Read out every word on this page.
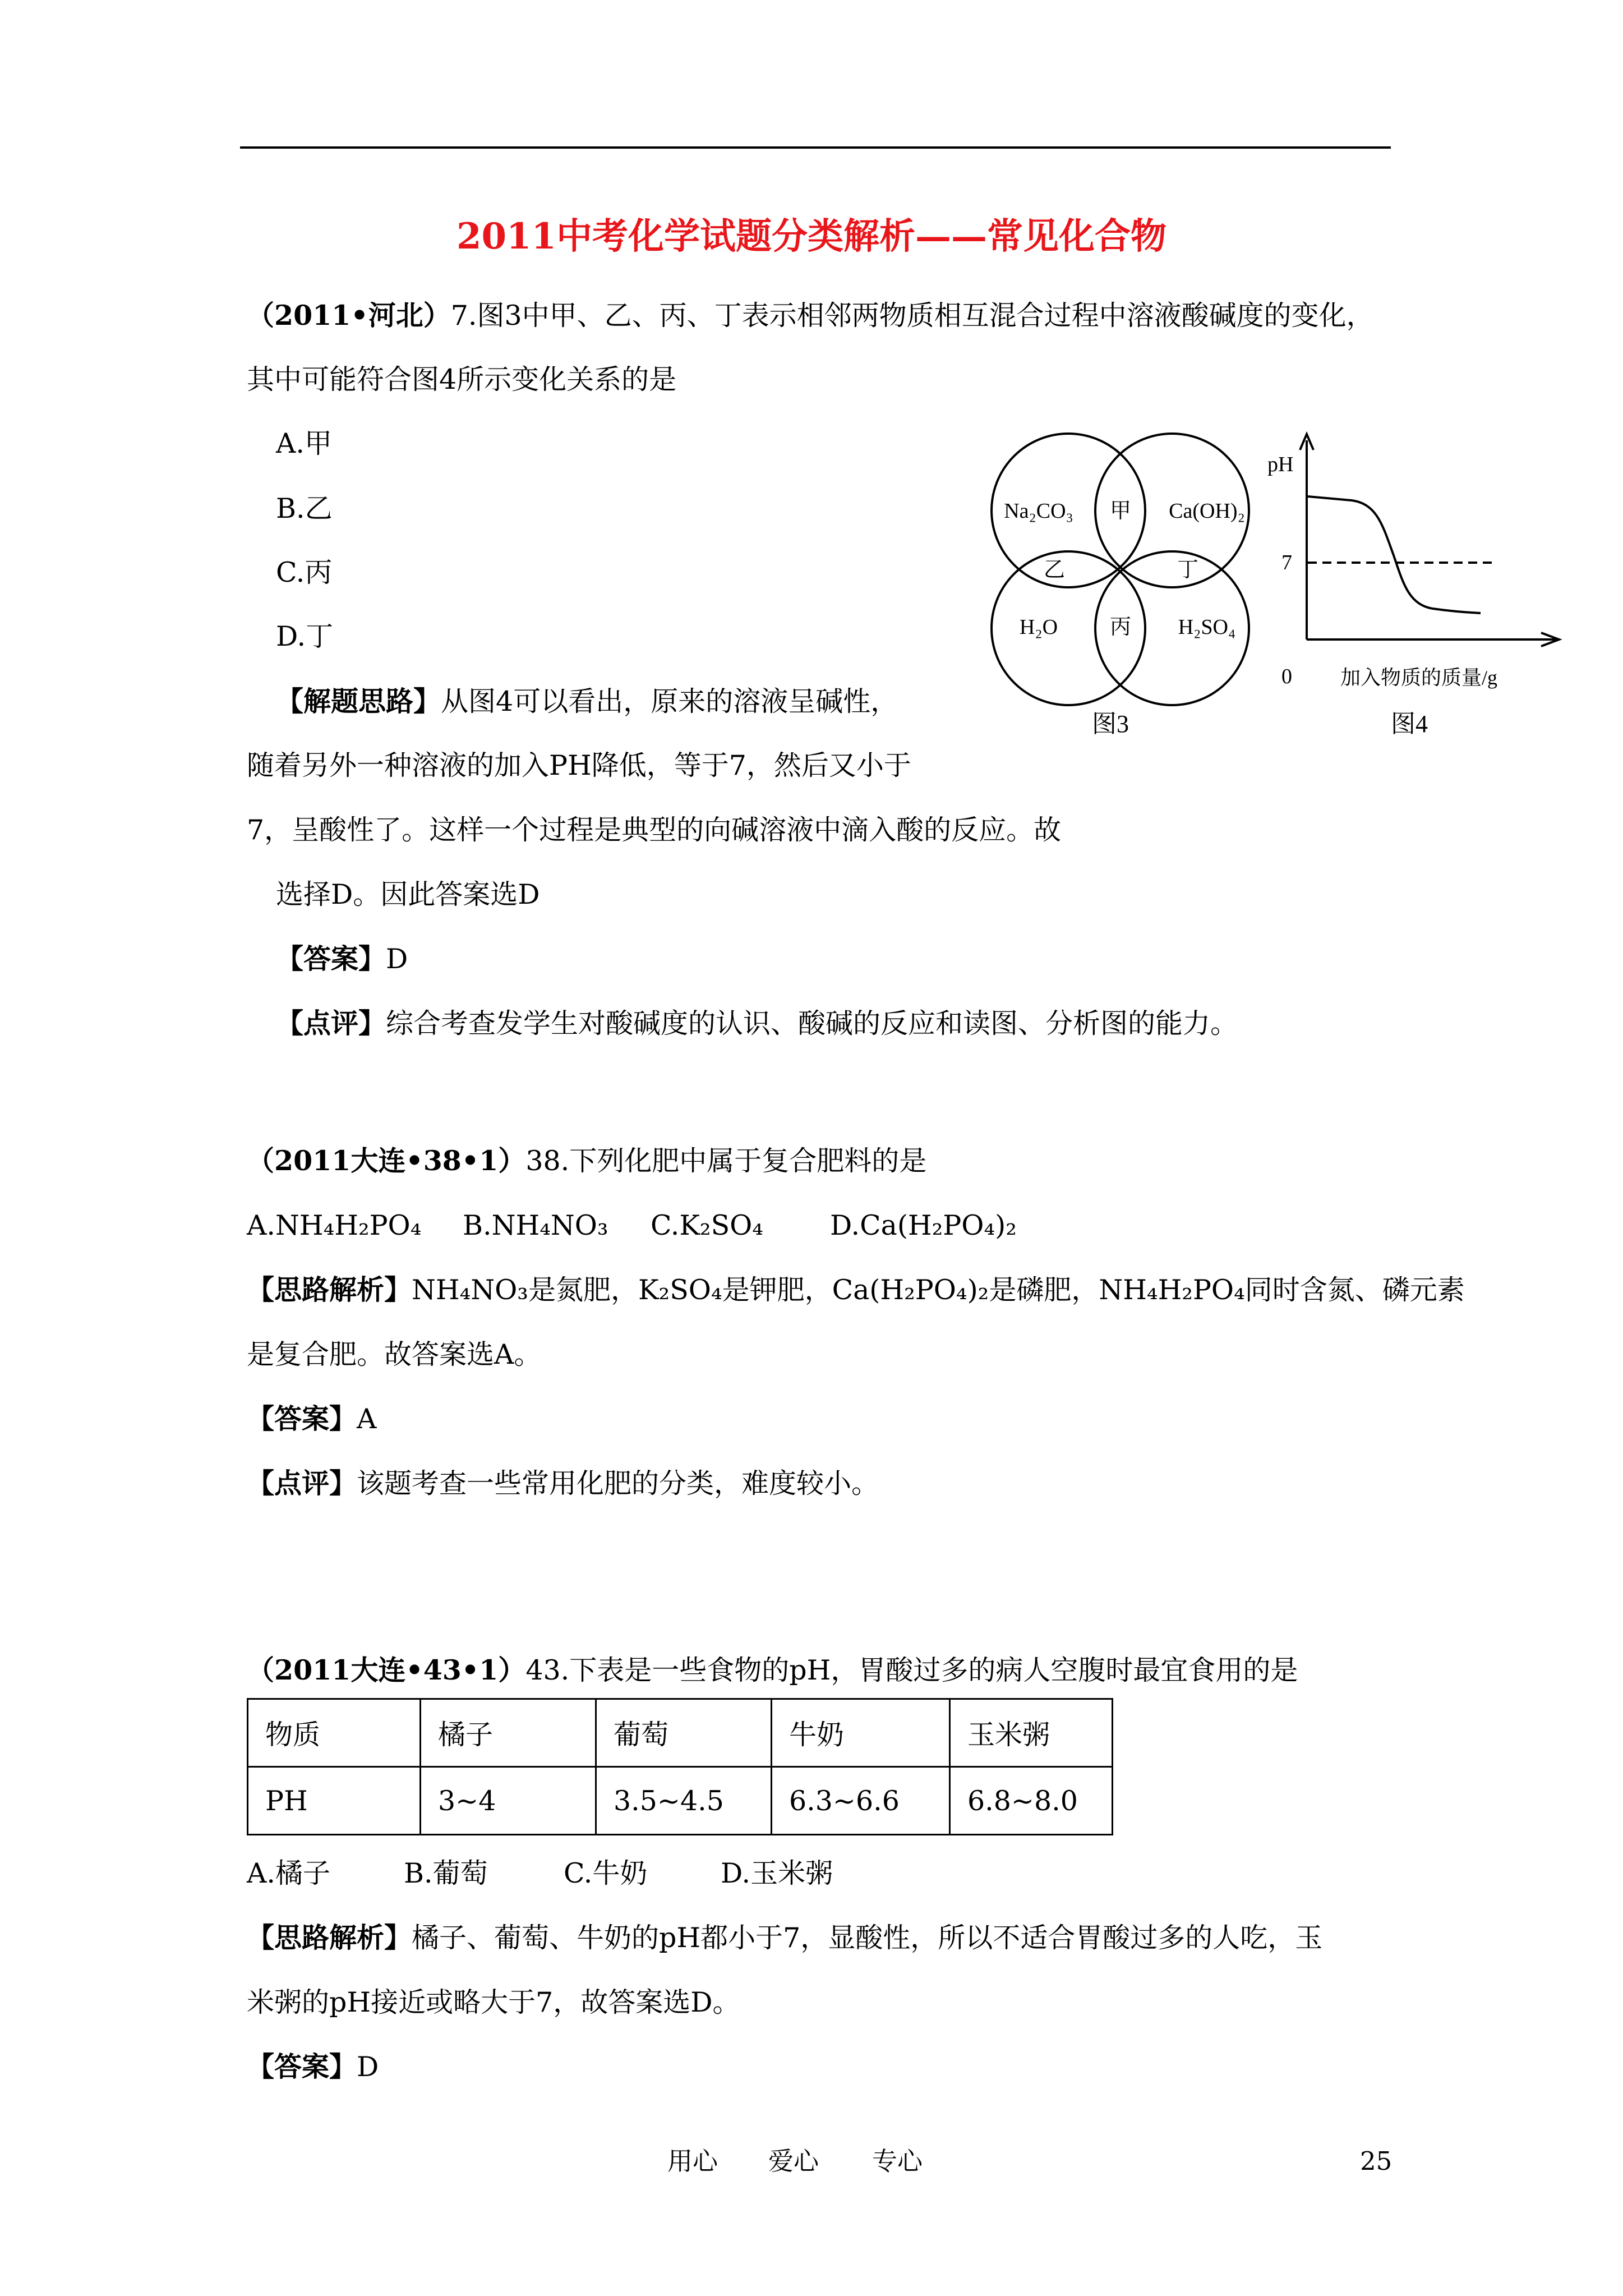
2011中考化学试题分类解析——常见化合物
（2011•河北）7.图3中甲、乙、丙、丁表示相邻两物质相互混合过程中溶液酸碱度的变化，
其中可能符合图4所示变化关系的是
A.甲
B.乙
C.丙
D.丁
【解题思路】从图4可以看出，原来的溶液呈碱性，
随着另外一种溶液的加入PH降低，等于7，然后又小于
7，呈酸性了。这样一个过程是典型的向碱溶液中滴入酸的反应。故
选择D。因此答案选D
【答案】D
【点评】综合考查发学生对酸碱度的认识、酸碱的反应和读图、分析图的能力。
Na₂CO₃	Ca(OH)₂
H₂O	H₂SO₄
甲
乙	丁
丙
图3
pH
7
0 加入物质的质量/g
图4
（2011大连•38•1）38.下列化肥中属于复合肥料的是
A.NH₄H₂PO₄ B.NH₄NO₃ C.K₂SO₄ D.Ca(H₂PO₄)₂
【思路解析】NH₄NO₃是氮肥，K₂SO₄是钾肥，Ca(H₂PO₄)₂是磷肥，NH₄H₂PO₄同时含氮、磷元素
是复合肥。故答案选A。
【答案】A
【点评】该题考查一些常用化肥的分类，难度较小。
（2011大连•43•1）43.下表是一些食物的pH，胃酸过多的病人空腹时最宜食用的是
物质	橘子	葡萄	牛奶	玉米粥
PH	3~4	3.5~4.5	6.3~6.6	6.8~8.0
A.橘子	B.葡萄	C.牛奶	D.玉米粥
【思路解析】橘子、葡萄、牛奶的pH都小于7，显酸性，所以不适合胃酸过多的人吃，玉
米粥的pH接近或略大于7，故答案选D。
【答案】D
用心 爱心 专心	25
